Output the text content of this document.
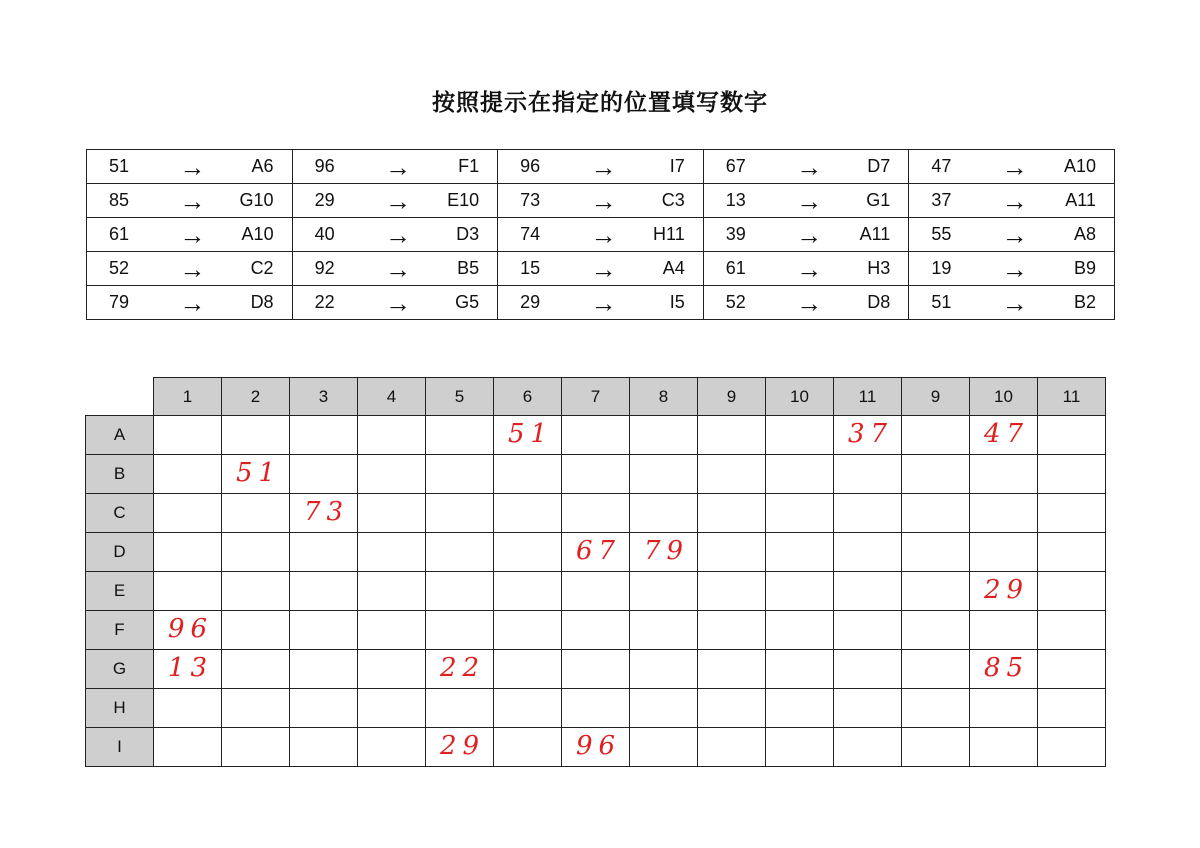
按照提示在指定的位置填写数字
51	→	A6	96	→	F1	96	→	I7	67	→	D7	47	→	A10
85	→	G10	29	→	E10	73	→	C3	13	→	G1	37	→	A11
61	→	A10	40	→	D3	74	→	H11	39	→	A11	55	→	A8
52	→	C2	92	→	B5	15	→	A4	61	→	H3	19	→	B9
79	→	D8	22	→	G5	29	→	I5	52	→	D8	51	→	B2
	1	2	3	4	5	6	7	8	9	10	11	9	10	11
A						51					37		47	

B		51												

C			73											

D							67	79						

E													29	

F	96													

G	13				22								85	

H														
I					29		96							
